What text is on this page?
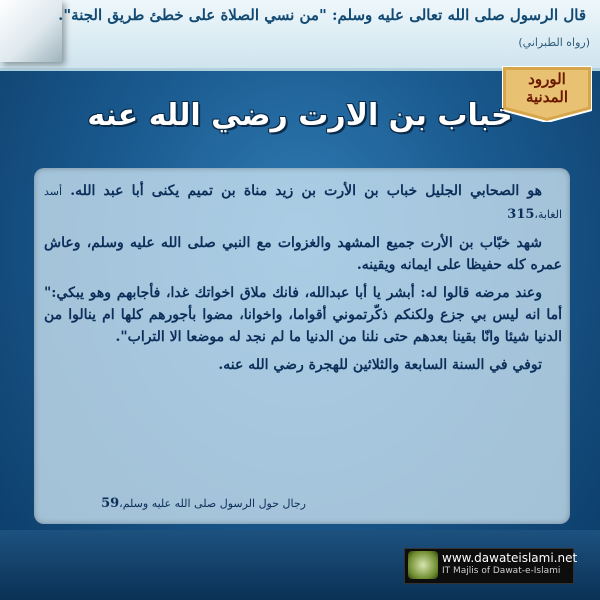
قال الرسول صلى الله تعالى عليه وسلم: "من نسي الصلاة على خطئ طريق الجنة".
(رواه الطبراني)
الورود
المدنية
خباب بن الارت رضي الله عنه

هو الصحابي الجليل خباب بن الأرت بن زيد مناة بن تميم يكنى أبا عبد الله. أسد الغابة،315

شهد خبّاب بن الأرت جميع المشهد والغزوات مع النبي صلى الله عليه وسلم، وعاش عمره كله حفيظا على ايمانه ويقينه.

وعند مرضه قالوا له: أبشر يا أبا عبدالله، فانك ملاق اخواتك غدا، فأجابهم وهو يبكي:" أما انه ليس بي جزع ولكنكم ذكّرتموني أقواما، واخوانا، مضوا بأجورهم كلها ام ينالوا من الدنيا شيئا وانّا بقينا بعدهم حتى نلنا من الدنيا ما لم نجد له موضعا الا التراب".

توفي في السنة السابعة والثلاثين للهجرة رضي الله عنه.

رجال حول الرسول صلى الله عليه وسلم،59
www.dawateislami.net
IT Majlis of Dawat-e-Islami
